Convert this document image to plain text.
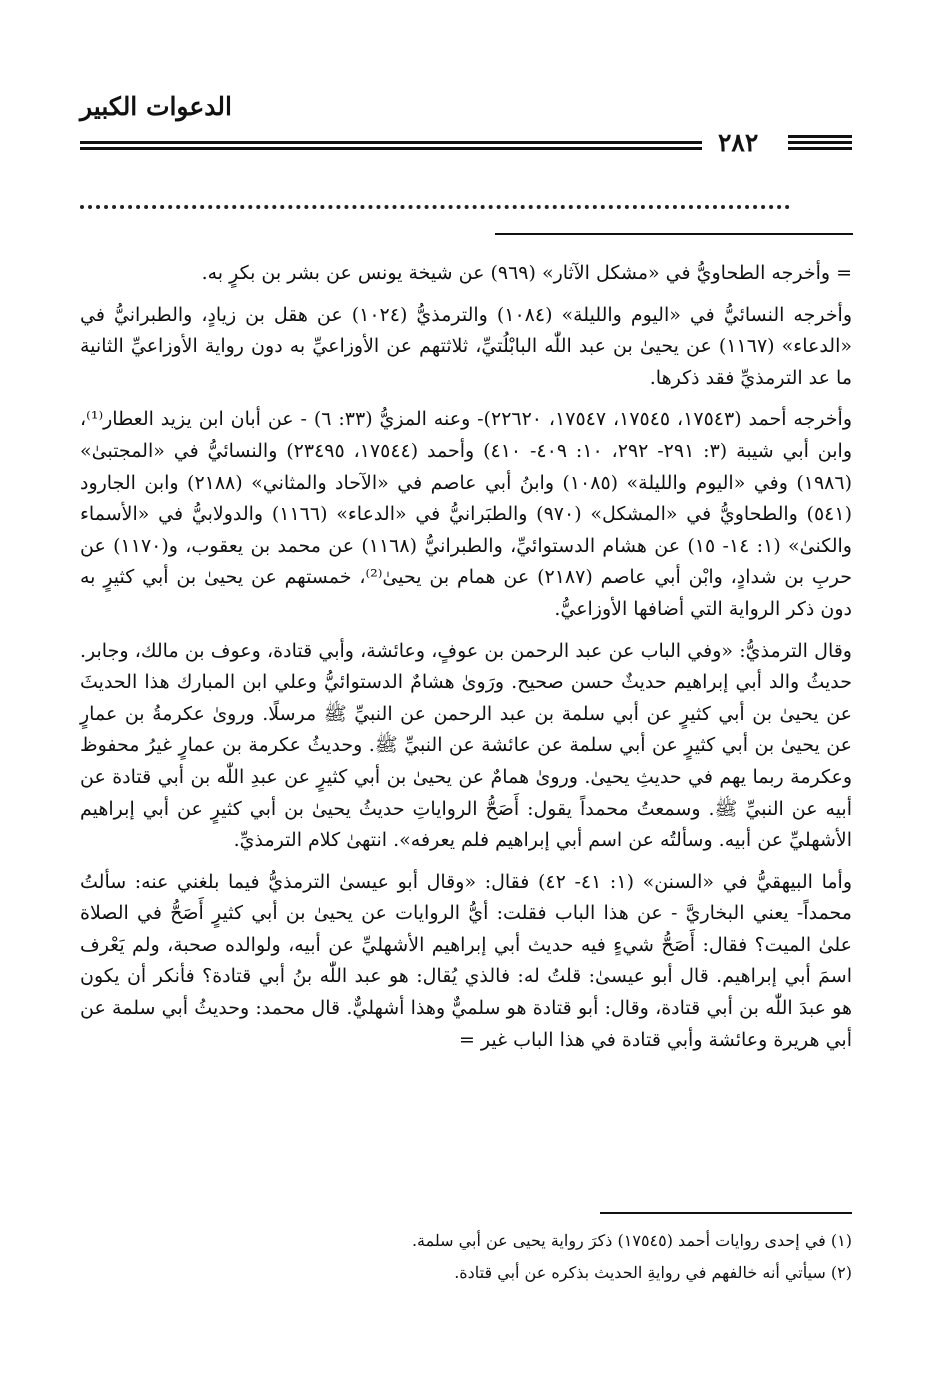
الدعوات الكبير
٢٨٢

= وأخرجه الطحاويُّ في «مشكل الآثار» (٩٦٩) عن شيخة يونس عن بشر بن بكرٍ به.

وأخرجه النسائيُّ في «اليوم والليلة» (١٠٨٤) والترمذيُّ (١٠٢٤) عن هقل بن زيادٍ، والطبرانيُّ في «الدعاء» (١١٦٧) عن يحيىٰ بن عبد اللّٰه البابْلُتيِّ، ثلاثتهم عن الأوزاعيِّ به دون رواية الأوزاعيِّ الثانية ما عد الترمذيِّ فقد ذكرها.

وأخرجه أحمد (١٧٥٤٣، ١٧٥٤٥، ١٧٥٤٧، ٢٢٦٢٠)- وعنه المزيُّ (٣٣: ٦) - عن أبان ابن يزيد العطار⁽¹⁾، وابن أبي شيبة (٣: ٢٩١- ٢٩٢، ١٠: ٤٠٩- ٤١٠) وأحمد (١٧٥٤٤، ٢٣٤٩٥) والنسائيُّ في «المجتبىٰ» (١٩٨٦) وفي «اليوم والليلة» (١٠٨٥) وابنُ أبي عاصم في «الآحاد والمثاني» (٢١٨٨) وابن الجارود (٥٤١) والطحاويُّ في «المشكل» (٩٧٠) والطبَرانيُّ في «الدعاء» (١١٦٦) والدولابيُّ في «الأسماء والكنىٰ» (١: ١٤- ١٥) عن هشام الدستوائيِّ، والطبرانيُّ (١١٦٨) عن محمد بن يعقوب، و(١١٧٠) عن حربِ بن شدادٍ، وابْن أبي عاصم (٢١٨٧) عن همام بن يحيىٰ⁽²⁾، خمستهم عن يحيىٰ بن أبي كثيرٍ به دون ذكر الرواية التي أضافها الأوزاعيُّ.

وقال الترمذيُّ: «وفي الباب عن عبد الرحمن بن عوفٍ، وعائشة، وأبي قتادة، وعوف بن مالك، وجابر. حديثُ والد أبي إبراهيم حديثٌ حسن صحيح. ورَوىٰ هشامٌ الدستوائيُّ وعلي ابن المبارك هذا الحديثَ عن يحيىٰ بن أبي كثيرٍ عن أبي سلمة بن عبد الرحمن عن النبيِّ ﷺ مرسلًا. وروىٰ عكرمةُ بن عمارٍ عن يحيىٰ بن أبي كثيرٍ عن أبي سلمة عن عائشة عن النبيِّ ﷺ. وحديثُ عكرمة بن عمارٍ غيرُ محفوظ وعكرمة ربما يهم في حديثِ يحيىٰ. وروىٰ همامٌ عن يحيىٰ بن أبي كثيرٍ عن عبدِ اللّٰه بن أبي قتادة عن أبيه عن النبيِّ ﷺ. وسمعتُ محمداً يقول: أَصَحُّ الرواياتِ حديثُ يحيىٰ بن أبي كثيرٍ عن أبي إبراهيم الأشهليِّ عن أبيه. وسألتُه عن اسم أبي إبراهيم فلم يعرفه». انتهىٰ كلام الترمذيِّ.

وأما البيهقيُّ في «السنن» (١: ٤١- ٤٢) فقال: «وقال أبو عيسىٰ الترمذيُّ فيما بلغني عنه: سألتُ محمداً- يعني البخاريَّ - عن هذا الباب فقلت: أيُّ الروايات عن يحيىٰ بن أبي كثيرٍ أَصَحُّ في الصلاة علىٰ الميت؟ فقال: أَصَحُّ شيءٍ فيه حديث أبي إبراهيم الأشهليِّ عن أبيه، ولوالده صحبة، ولم يَعْرف اسمَ أبي إبراهيم. قال أبو عيسىٰ: قلتُ له: فالذي يُقال: هو عبد اللّٰه بنُ أبي قتادة؟ فأنكر أن يكون هو عبدَ اللّٰه بن أبي قتادة، وقال: أبو قتادة هو سلميٌّ وهذا أشهليٌّ. قال محمد: وحديثُ أبي سلمة عن أبي هريرة وعائشة وأبي قتادة في هذا الباب غير =

(١) في إحدى روايات أحمد (١٧٥٤٥) ذكرَ رواية يحيى عن أبي سلمة.
(٢) سيأتي أنه خالفهم في روايةِ الحديث بذكره عن أبي قتادة.
